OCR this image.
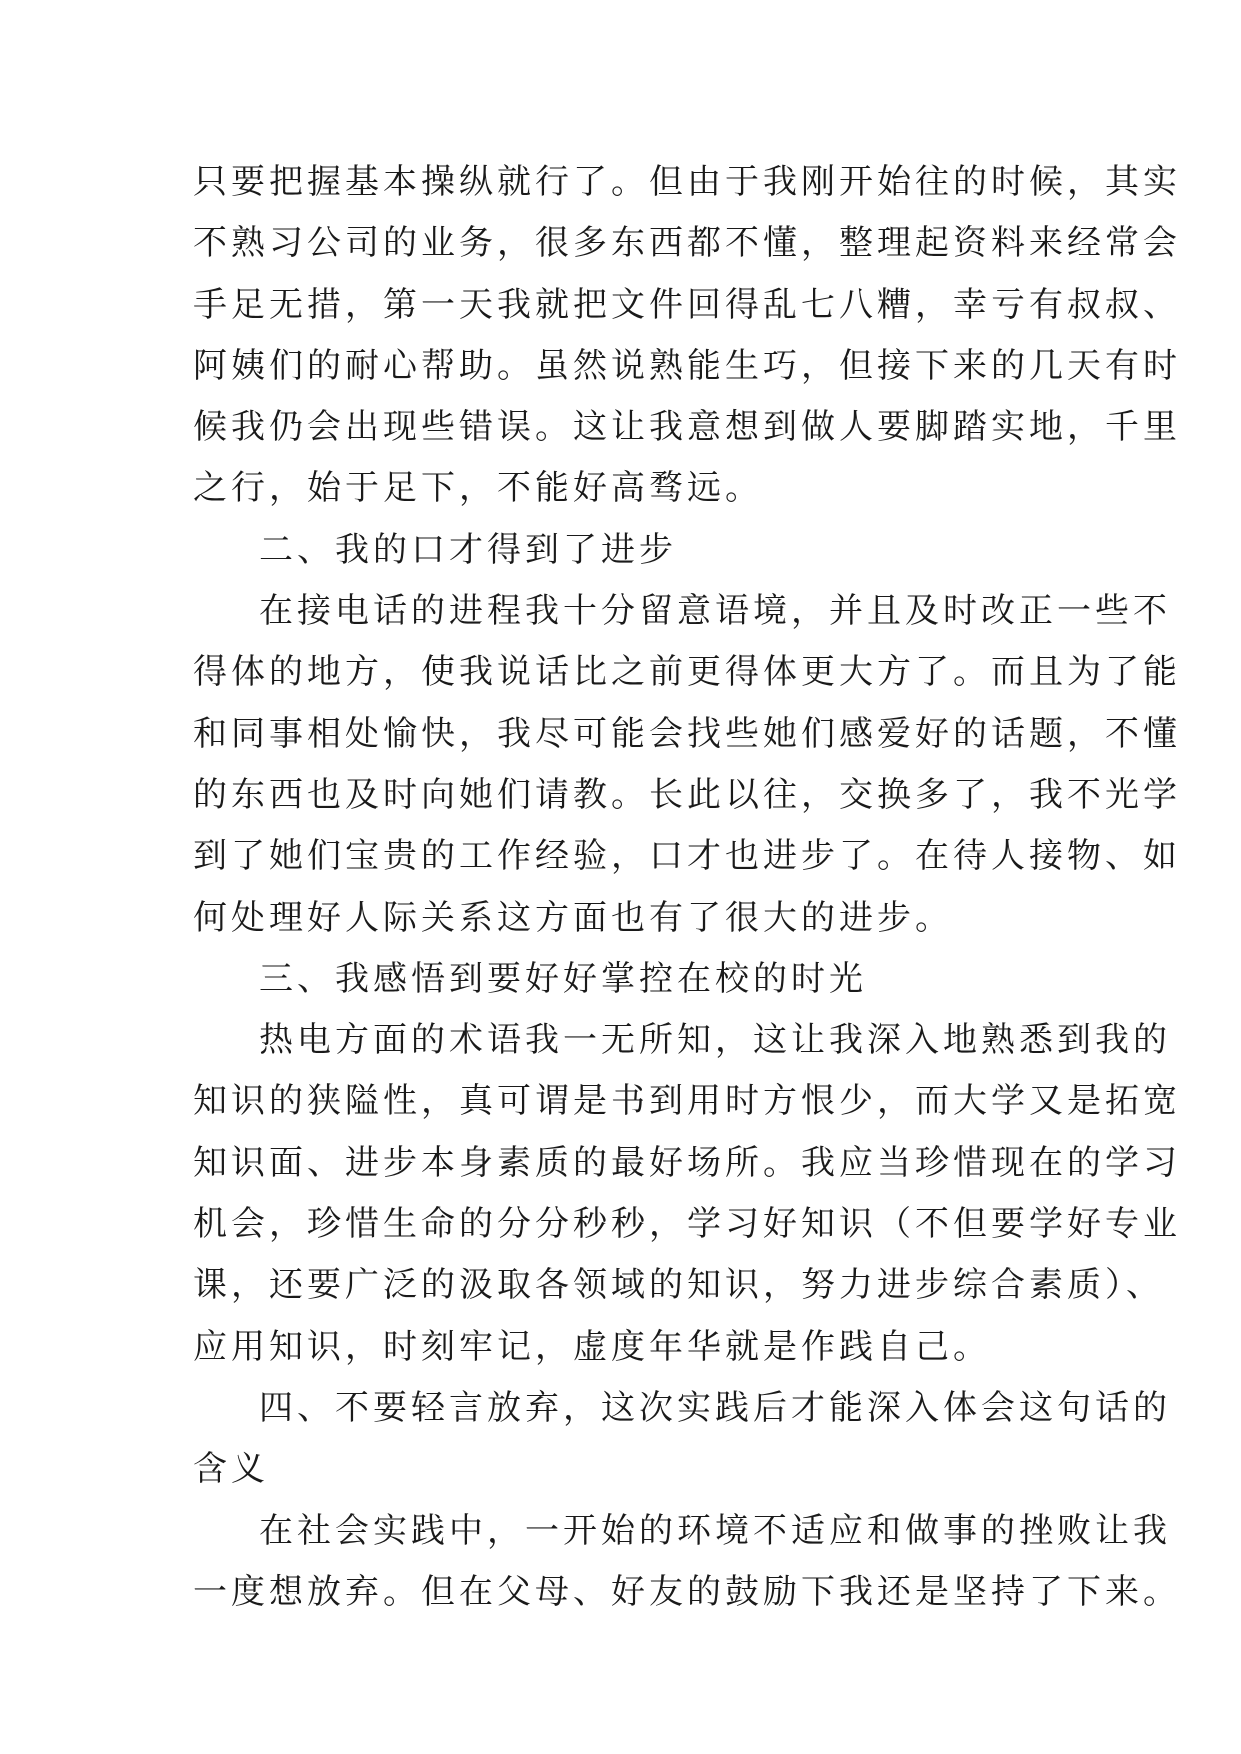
只要把握基本操纵就行了。但由于我刚开始往的时候，其实
不熟习公司的业务，很多东西都不懂，整理起资料来经常会
手足无措，第一天我就把文件回得乱七八糟，幸亏有叔叔、
阿姨们的耐心帮助。虽然说熟能生巧，但接下来的几天有时
候我仍会出现些错误。这让我意想到做人要脚踏实地，千里
之行，始于足下，不能好高骛远。
二、我的口才得到了进步
在接电话的进程我十分留意语境，并且及时改正一些不
得体的地方，使我说话比之前更得体更大方了。而且为了能
和同事相处愉快，我尽可能会找些她们感爱好的话题，不懂
的东西也及时向她们请教。长此以往，交换多了，我不光学
到了她们宝贵的工作经验，口才也进步了。在待人接物、如
何处理好人际关系这方面也有了很大的进步。
三、我感悟到要好好掌控在校的时光
热电方面的术语我一无所知，这让我深入地熟悉到我的
知识的狭隘性，真可谓是书到用时方恨少，而大学又是拓宽
知识面、进步本身素质的最好场所。我应当珍惜现在的学习
机会，珍惜生命的分分秒秒，学习好知识（不但要学好专业
课，还要广泛的汲取各领域的知识，努力进步综合素质）、
应用知识，时刻牢记，虚度年华就是作践自己。
四、不要轻言放弃，这次实践后才能深入体会这句话的
含义
在社会实践中，一开始的环境不适应和做事的挫败让我
一度想放弃。但在父母、好友的鼓励下我还是坚持了下来。
